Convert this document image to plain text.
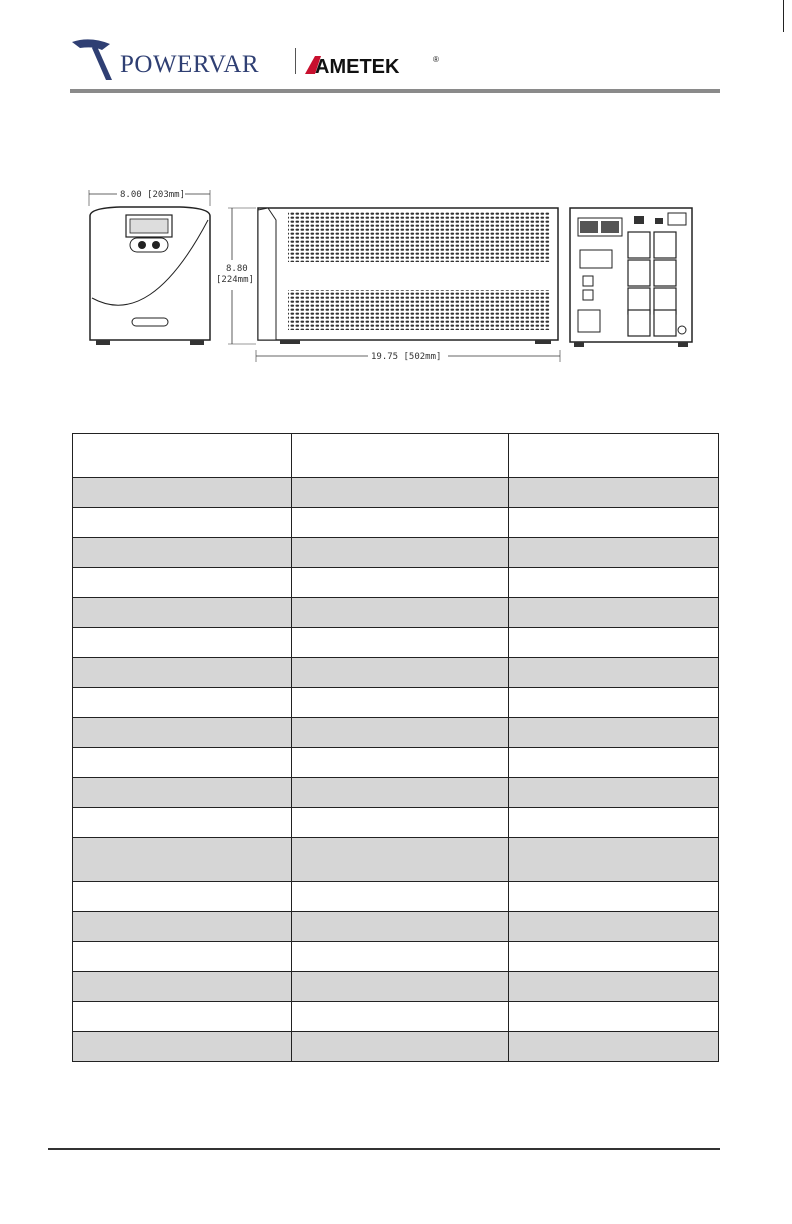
POWERVAR	AMETEK	®
8.00 [203mm]
8.80
[224mm]
19.75 [502mm]
